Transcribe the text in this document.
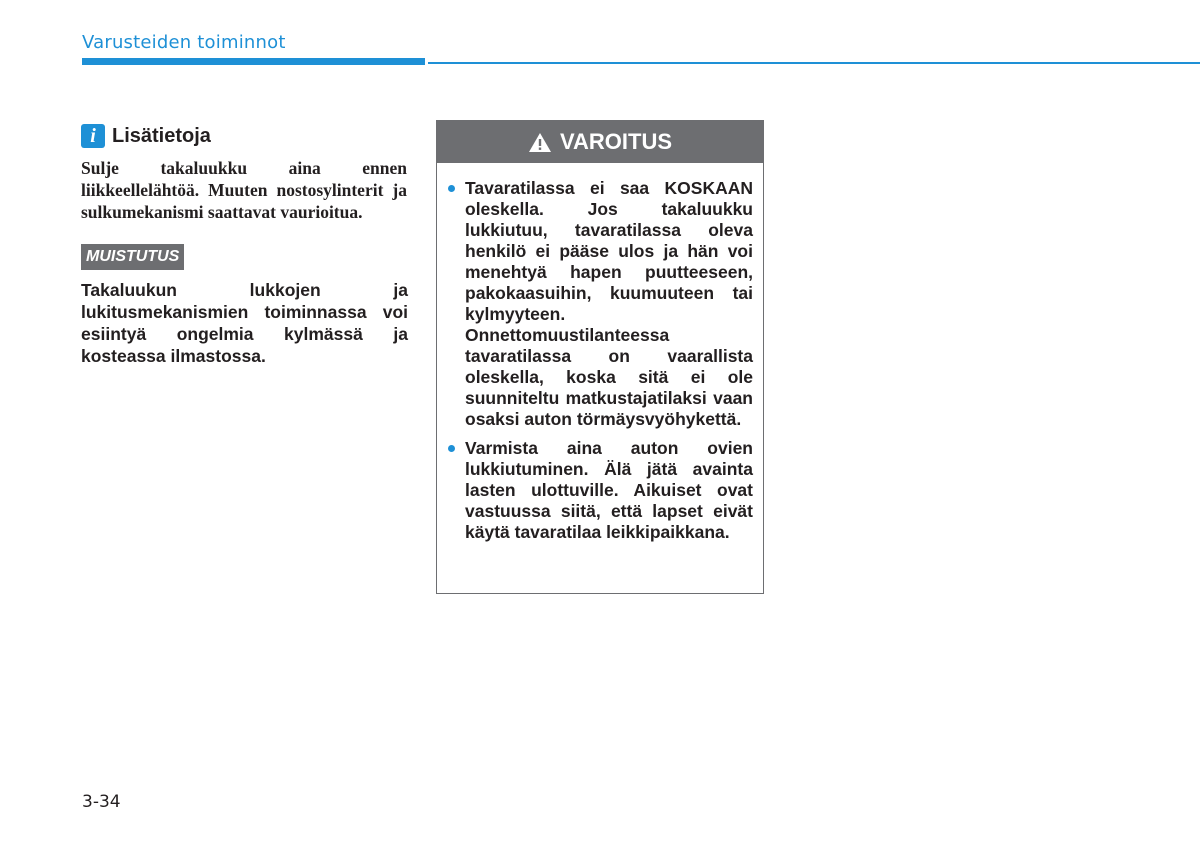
Varusteiden toiminnot
i Lisätietoja

Sulje takaluukku aina ennen liikkeellelähtöä. Muuten nostosylinterit ja sulkumekanismi saattavat vaurioitua.

MUISTUTUS

Takaluukun lukkojen ja lukitusmekanismien toiminnassa voi esiintyä ongelmia kylmässä ja kosteassa ilmastossa.

VAROITUS
Tavaratilassa ei saa KOSKAAN oleskella. Jos takaluukku lukkiutuu, tavaratilassa oleva henkilö ei pääse ulos ja hän voi menehtyä hapen puutteeseen, pakokaasuihin, kuumuuteen tai kylmyyteen. Onnettomuustilanteessa tavaratilassa on vaarallista oleskella, koska sitä ei ole suunniteltu matkustajatilaksi vaan osaksi auton törmäysvyöhykettä.
Varmista aina auton ovien lukkiutuminen. Älä jätä avainta lasten ulottuville. Aikuiset ovat vastuussa siitä, että lapset eivät käytä tavaratilaa leikkipaikkana.
3-34
